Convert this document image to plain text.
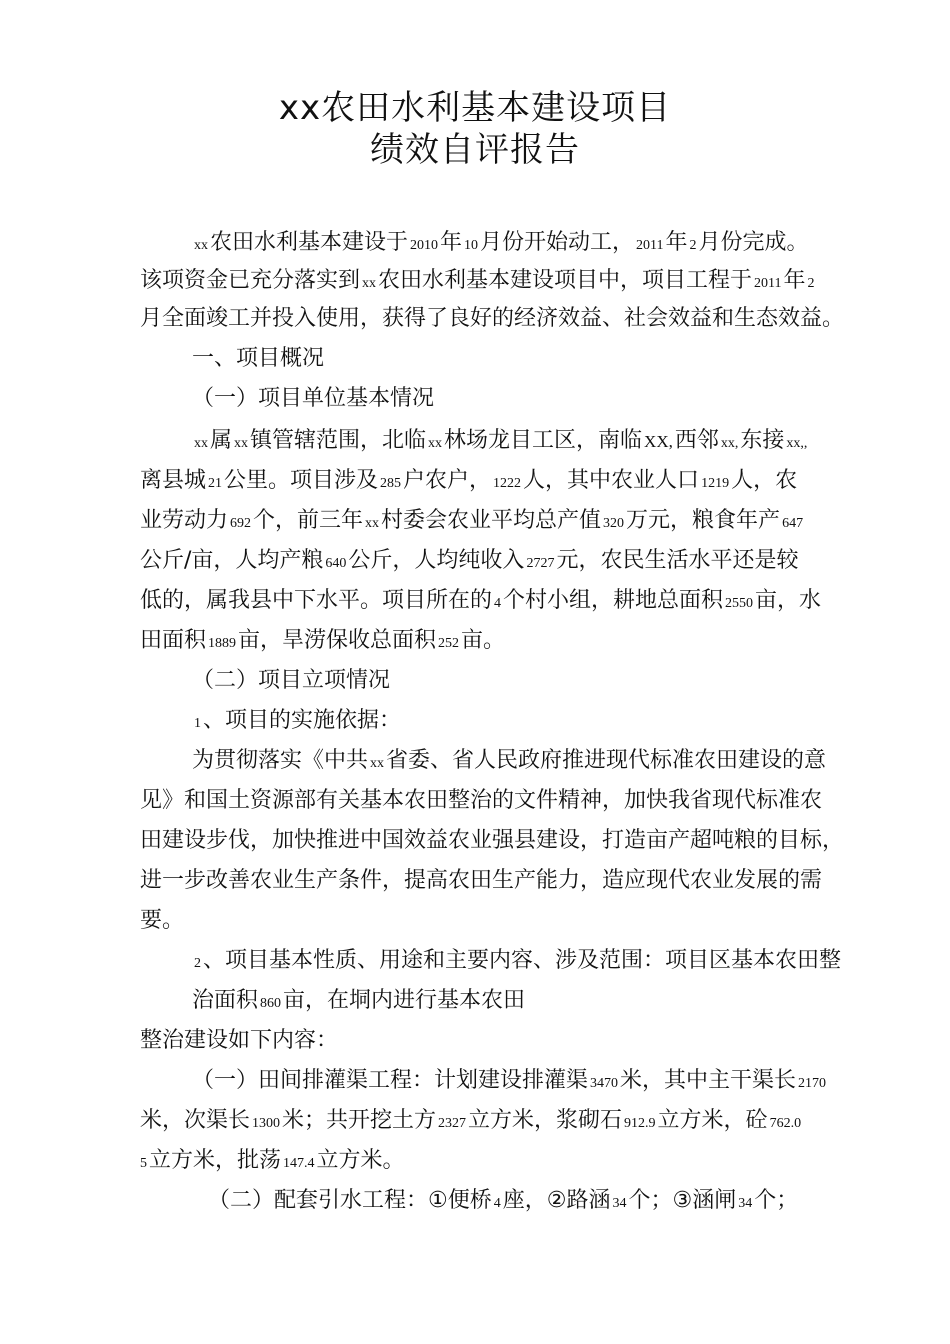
xx农田水利基本建设项目
绩效自评报告
xx农田水利基本建设于 2010年 10月份开始动工， 2011年 2月份完成。
该项资金已充分落实到 xx农田水利基本建设项目中，项目工程于 2011年 2
月全面竣工并投入使用，获得了良好的经济效益、社会效益和生态效益。
一、项目概况
（一）项目单位基本情况
xx属 xx镇管辖范围，北临 xx林场龙目工区，南临 XX,西邻 xx,东接 xx,,
离县城 21公里。项目涉及 285户农户， 1222人，其中农业人口 1219人，农
业劳动力 692个，前三年 xx村委会农业平均总产值 320万元，粮食年产 647
公斤/亩，人均产粮 640公斤，人均纯收入 2727元，农民生活水平还是较
低的，属我县中下水平。项目所在的 4个村小组，耕地总面积 2550亩，水
田面积 1889亩，旱涝保收总面积 252亩。
（二）项目立项情况
1、项目的实施依据：
为贯彻落实《中共 xx省委、省人民政府推进现代标准农田建设的意
见》和国土资源部有关基本农田整治的文件精神，加快我省现代标准农
田建设步伐，加快推进中国效益农业强县建设，打造亩产超吨粮的目标，
进一步改善农业生产条件，提高农田生产能力，造应现代农业发展的需
要。
2、项目基本性质、用途和主要内容、涉及范围：项目区基本农田整
治面积 860亩，在垌内进行基本农田
整治建设如下内容：
（一）田间排灌渠工程：计划建设排灌渠 3470米，其中主干渠长 2170
米，次渠长 1300米；共开挖土方 2327立方米，浆砌石 912.9立方米，砼 762.0
5立方米，批荡 147.4立方米。
（二）配套引水工程：①便桥 4座，②路涵 34个；③涵闸 34个；
